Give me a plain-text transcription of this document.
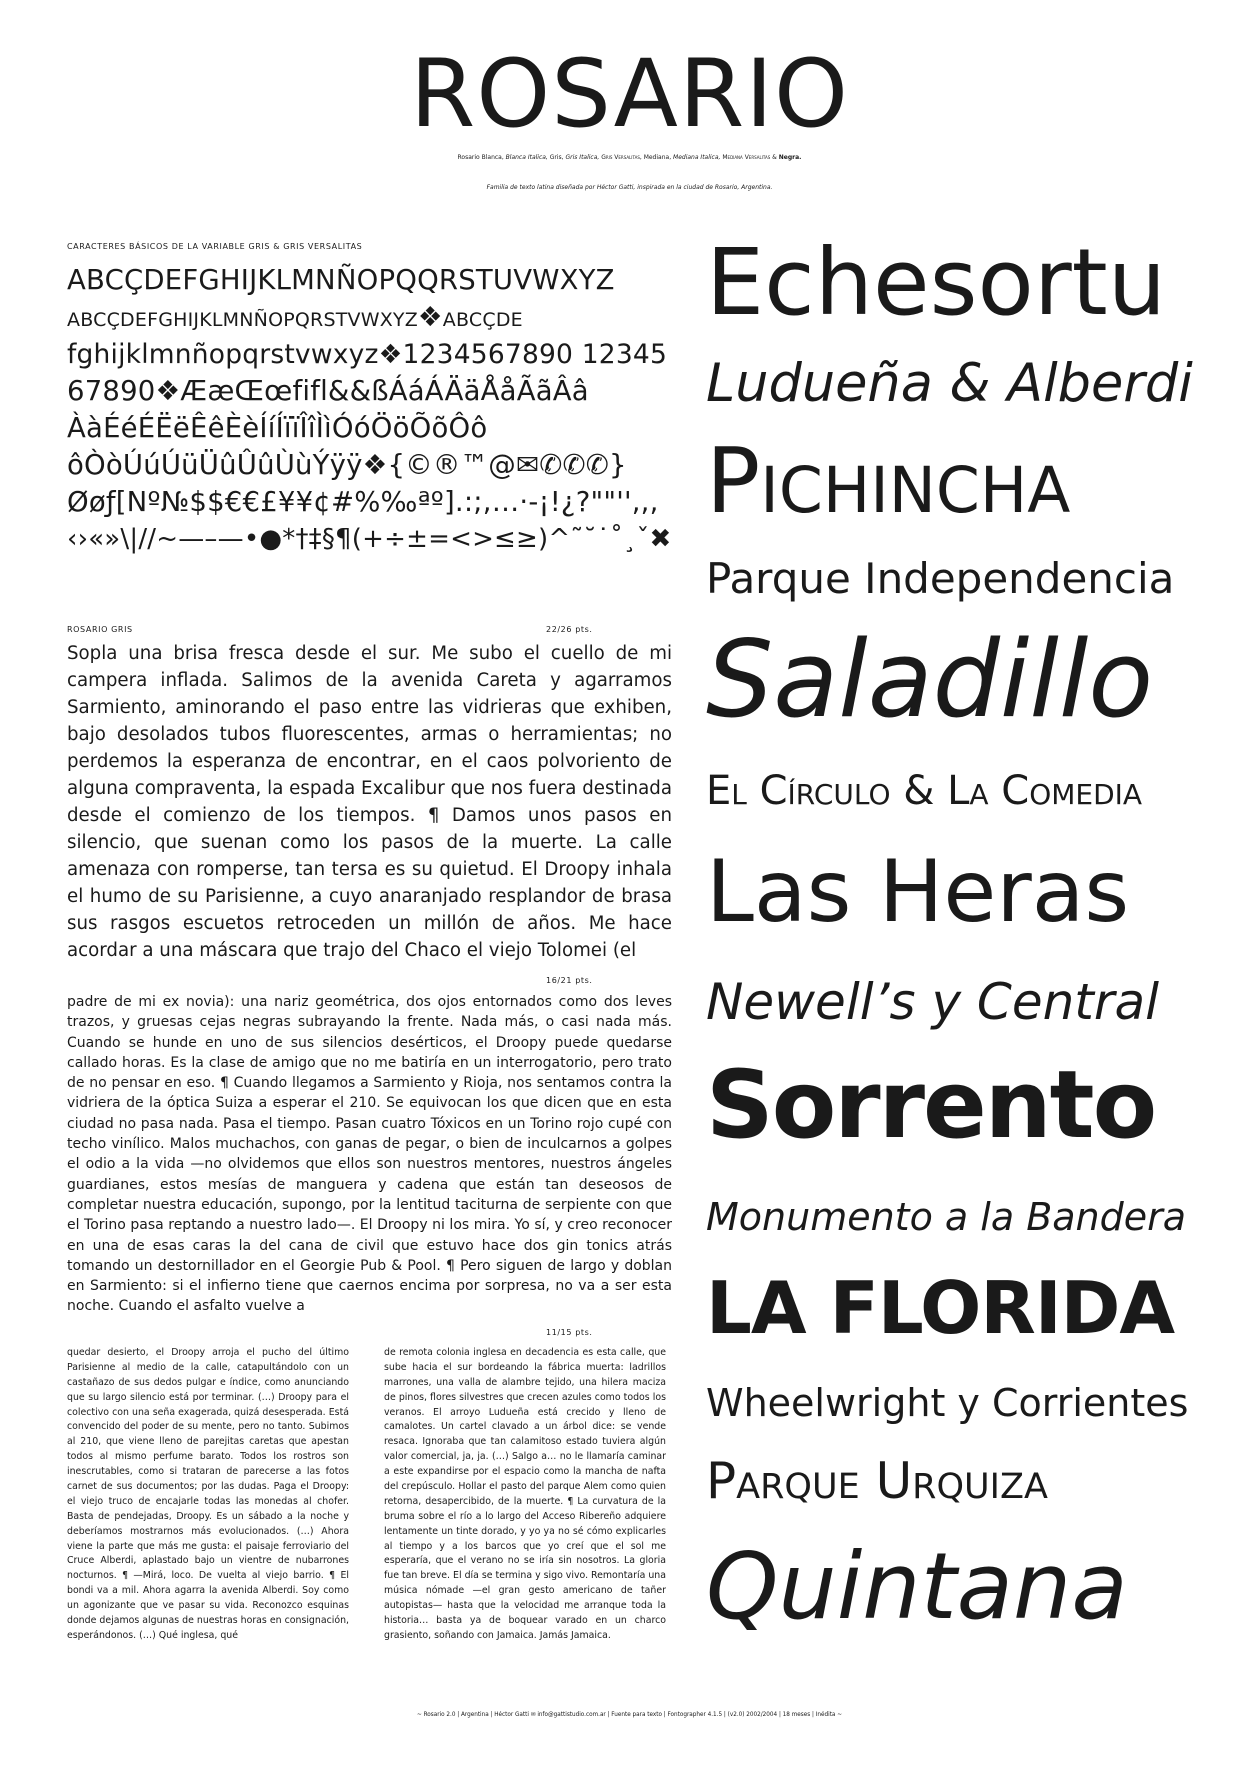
ROSARIO
Rosario Blanca, Blanca Italica, Gris, Gris Italica, Gris Versalitas, Mediana, Mediana Italica, Mediana Versalitas & Negra.
Familia de texto latina diseñada por Héctor Gatti, inspirada en la ciudad de Rosario, Argentina.
CARACTERES BÁSICOS DE LA VARIABLE GRIS & GRIS VERSALITAS
ABCÇDEFGHIJKLMNÑOPQQRSTUVWXYZ
abcçdefghijklmnñopqrstvwxyz❖abcçde
fghijklmnñopqrstvwxyz❖1234567890 12345
67890❖ÆæŒœfifl&&ßÁáÁÄäÅåÃãÂâ
ÀàÉéÉËëÊêÈèÍíÍïïÎîÌìÓóÖöÕõÔô
ôÒòÚúÚüÜûÛûÙùÝÿÿ❖{©®™@✉✆✆✆}
Øøƒ[Nº№$$€€£¥¥¢#%‰ªº].:;,…·-¡!¿?""'',,,
‹›«»\|//~—–—•●*†‡§¶(+÷±=<>≤≥)^˜˘˙˚¸ˇ✖
ROSARIO GRIS	22/26 pts.
Sopla una brisa fresca desde el sur. Me subo el cuello de mi campera inflada. Salimos de la avenida Careta y agarramos Sarmiento, aminorando el paso entre las vidrieras que exhiben, bajo desolados tubos fluorescentes, armas o herramientas; no perdemos la esperanza de encontrar, en el caos polvoriento de alguna compraventa, la espada Excalibur que nos fuera destinada desde el comienzo de los tiempos. ¶ Damos unos pasos en silencio, que suenan como los pasos de la muerte. La calle amenaza con romperse, tan tersa es su quietud. El Droopy inhala el humo de su Parisienne, a cuyo anaranjado resplandor de brasa sus rasgos escuetos retroceden un millón de años. Me hace acordar a una máscara que trajo del Chaco el viejo Tolomei (el
16/21 pts.
padre de mi ex novia): una nariz geométrica, dos ojos entornados como dos leves trazos, y gruesas cejas negras subrayando la frente. Nada más, o casi nada más. Cuando se hunde en uno de sus silencios desérticos, el Droopy puede quedarse callado horas. Es la clase de amigo que no me batiría en un interrogatorio, pero trato de no pensar en eso. ¶ Cuando llegamos a Sarmiento y Rioja, nos sentamos contra la vidriera de la óptica Suiza a esperar el 210. Se equivocan los que dicen que en esta ciudad no pasa nada. Pasa el tiempo. Pasan cuatro Tóxicos en un Torino rojo cupé con techo vinílico. Malos muchachos, con ganas de pegar, o bien de inculcarnos a golpes el odio a la vida —no olvidemos que ellos son nuestros mentores, nuestros ángeles guardianes, estos mesías de manguera y cadena que están tan deseosos de completar nuestra educación, supongo, por la lentitud taciturna de serpiente con que el Torino pasa reptando a nuestro lado—. El Droopy ni los mira. Yo sí, y creo reconocer en una de esas caras la del cana de civil que estuvo hace dos gin tonics atrás tomando un destornillador en el Georgie Pub & Pool. ¶ Pero siguen de largo y doblan en Sarmiento: si el infierno tiene que caernos encima por sorpresa, no va a ser esta noche. Cuando el asfalto vuelve a
11/15 pts.
quedar desierto, el Droopy arroja el pucho del último Parisienne al medio de la calle, catapultándolo con un castañazo de sus dedos pulgar e índice, como anunciando que su largo silencio está por terminar. (…) Droopy para el colectivo con una seña exagerada, quizá desesperada. Está convencido del poder de su mente, pero no tanto. Subimos al 210, que viene lleno de parejitas caretas que apestan todos al mismo perfume barato. Todos los rostros son inescrutables, como si trataran de parecerse a las fotos carnet de sus documentos; por las dudas. Paga el Droopy: el viejo truco de encajarle todas las monedas al chofer. Basta de pendejadas, Droopy. Es un sábado a la noche y deberíamos mostrarnos más evolucionados. (…) Ahora viene la parte que más me gusta: el paisaje ferroviario del Cruce Alberdi, aplastado bajo un vientre de nubarrones nocturnos. ¶ —Mirá, loco. De vuelta al viejo barrio. ¶ El bondi va a mil. Ahora agarra la avenida Alberdi. Soy como un agonizante que ve pasar su vida. Reconozco esquinas donde dejamos algunas de nuestras horas en consignación, esperándonos. (…) Qué inglesa, qué
de remota colonia inglesa en decadencia es esta calle, que sube hacia el sur bordeando la fábrica muerta: ladrillos marrones, una valla de alambre tejido, una hilera maciza de pinos, flores silvestres que crecen azules como todos los veranos. El arroyo Ludueña está crecido y lleno de camalotes. Un cartel clavado a un árbol dice: se vende resaca. Ignoraba que tan calamitoso estado tuviera algún valor comercial, ja, ja. (…) Salgo a… no le llamaría caminar a este expandirse por el espacio como la mancha de nafta del crepúsculo. Hollar el pasto del parque Alem como quien retorna, desapercibido, de la muerte. ¶ La curvatura de la bruma sobre el río a lo largo del Acceso Ribereño adquiere lentamente un tinte dorado, y yo ya no sé cómo explicarles al tiempo y a los barcos que yo creí que el sol me esperaría, que el verano no se iría sin nosotros. La gloria fue tan breve. El día se termina y sigo vivo. Remontaría una música nómade —el gran gesto americano de tañer autopistas— hasta que la velocidad me arranque toda la historia… basta ya de boquear varado en un charco grasiento, soñando con Jamaica. Jamás Jamaica.
Echesortu
Ludueña & Alberdi
Pichincha
Parque Independencia
Saladillo
El Círculo & La Comedia
Las Heras
Newell’s y Central
Sorrento
Monumento a la Bandera
LA FLORIDA
Wheelwright y Corrientes
Parque Urquiza
Quintana
~ Rosario 2.0 | Argentina | Héctor Gatti ✉ info@gattistudio.com.ar | Fuente para texto | Fontographer 4.1.5 | (v2.0) 2002/2004 | 18 meses | Inédita ~
